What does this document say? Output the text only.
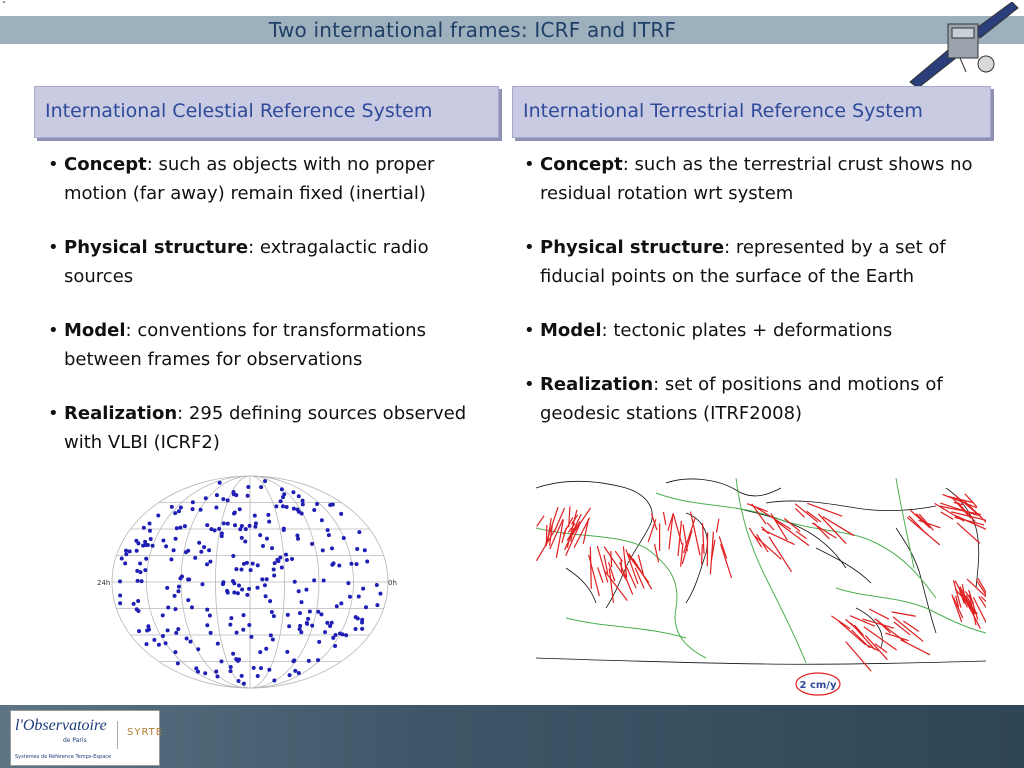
"
Two international frames: ICRF and ITRF
International Celestial Reference System	International Terrestrial Reference System
• Concept: such as objects with no proper motion (far away) remain fixed (inertial)
• Physical structure: extragalactic radio sources
• Model: conventions for transformations between frames for observations
• Realization: 295 defining sources observed with VLBI (ICRF2)
• Concept: such as the terrestrial crust shows no residual rotation wrt system
• Physical structure: represented by a set of fiducial points on the surface of the Earth
• Model: tectonic plates + deformations
• Realization: set of positions and motions of geodesic stations (ITRF2008)
24h	0h
2 cm/y
l'Observatoire
de Paris
SYRTE
Systèmes de Référence Temps-Espace
